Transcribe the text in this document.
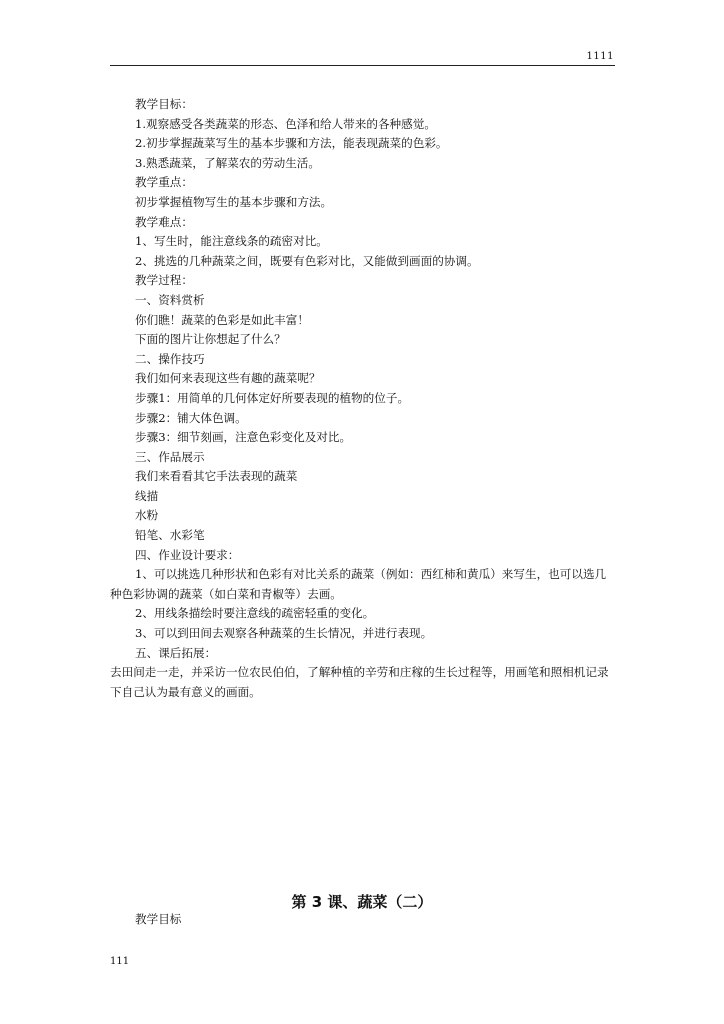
1111
教学目标：
1.观察感受各类蔬菜的形态、色泽和给人带来的各种感觉。
2.初步掌握蔬菜写生的基本步骤和方法，能表现蔬菜的色彩。
3.熟悉蔬菜，了解菜农的劳动生活。
教学重点：
初步掌握植物写生的基本步骤和方法。
教学难点：
1、写生时，能注意线条的疏密对比。
2、挑选的几种蔬菜之间，既要有色彩对比，又能做到画面的协调。
教学过程：
一、资料赏析
你们瞧！蔬菜的色彩是如此丰富！
下面的图片让你想起了什么？
二、操作技巧
我们如何来表现这些有趣的蔬菜呢？
步骤1：用简单的几何体定好所要表现的植物的位子。
步骤2：铺大体色调。
步骤3：细节刻画，注意色彩变化及对比。
三、作品展示
我们来看看其它手法表现的蔬菜
线描
水粉
铅笔、水彩笔
四、作业设计要求：
1、可以挑选几种形状和色彩有对比关系的蔬菜（例如：西红柿和黄瓜）来写生，也可以选几种色彩协调的蔬菜（如白菜和青椒等）去画。
2、用线条描绘时要注意线的疏密轻重的变化。
3、可以到田间去观察各种蔬菜的生长情况，并进行表现。
五、课后拓展：
去田间走一走，并采访一位农民伯伯，了解种植的辛劳和庄稼的生长过程等，用画笔和照相机记录下自己认为最有意义的画面。
第 3 课、蔬菜（二）
教学目标
111
